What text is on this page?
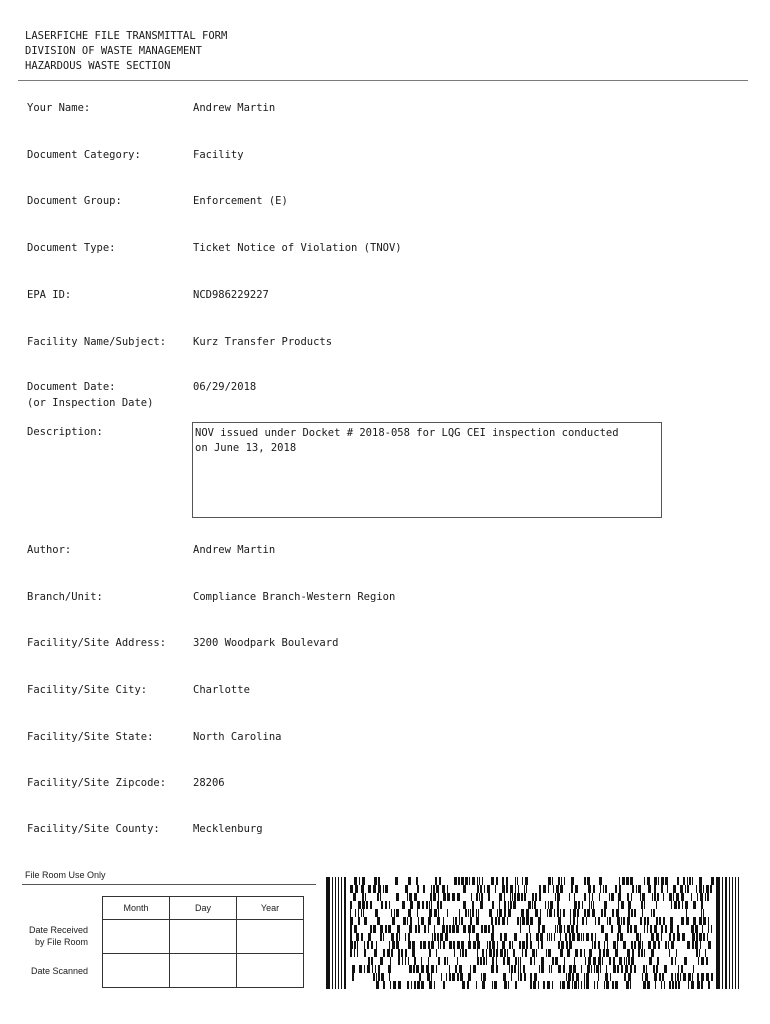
LASERFICHE FILE TRANSMITTAL FORM
DIVISION OF WASTE MANAGEMENT
HAZARDOUS WASTE SECTION
Your Name:	Andrew Martin
Document Category:	Facility
Document Group:	Enforcement (E)
Document Type:	Ticket Notice of Violation (TNOV)
EPA ID:	NCD986229227
Facility Name/Subject:	Kurz Transfer Products
Document Date:
(or Inspection Date)
06/29/2018
Description:	NOV issued under Docket # 2018-058 for LQG CEI inspection conducted
on June 13, 2018
Author:	Andrew Martin
Branch/Unit:	Compliance Branch-Western Region
Facility/Site Address:	3200 Woodpark Boulevard
Facility/Site City:	Charlotte
Facility/Site State:	North Carolina
Facility/Site Zipcode:	28206
Facility/Site County:	Mecklenburg
File Room Use Only
Month	Day	Year

Date Received
by File Room
Date Scanned
